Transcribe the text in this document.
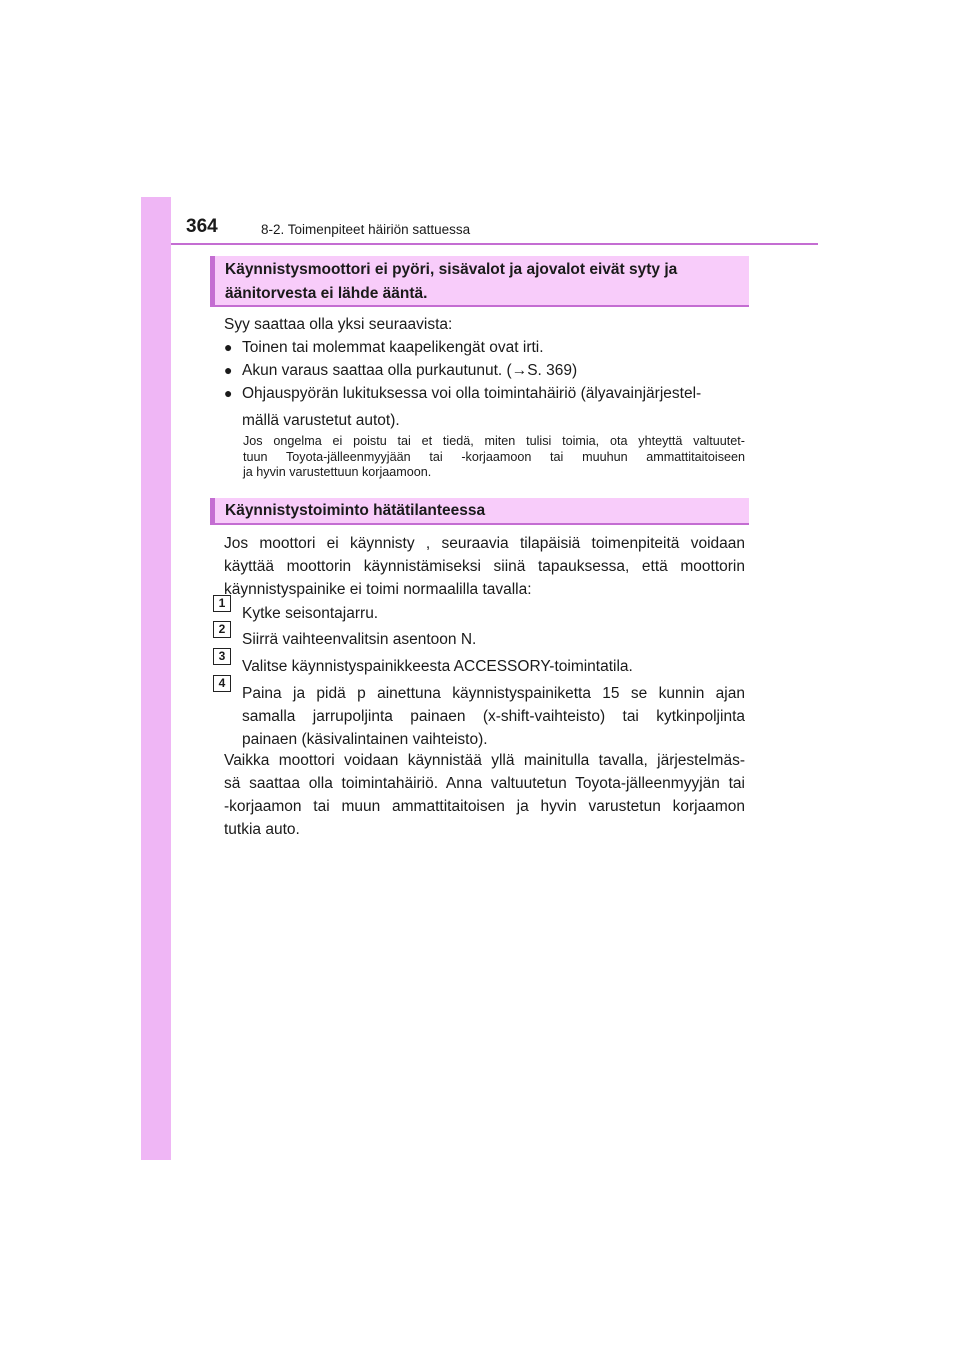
364	8-2. Toimenpiteet häiriön sattuessa
Käynnistysmoottori ei pyöri, sisävalot ja ajovalot eivät syty ja
äänitorvesta ei lähde ääntä.
Syy saattaa olla yksi seuraavista:
● Toinen tai molemmat kaapelikengät ovat irti.
● Akun varaus saattaa olla purkautunut. (→S. 369)
● Ohjauspyörän lukituksessa voi olla toimintahäiriö (älyavainjärjestel-
mällä varustetut autot).
Jos ongelma ei poistu tai et tiedä, miten tulisi toimia, ota yhteyttä valtuutet-
tuun Toyota-jälleenmyyjään tai -korjaamoon tai muuhun ammattitaitoiseen
ja hyvin varustettuun korjaamoon.
Käynnistystoiminto hätätilanteessa
Jos moottori ei käynnisty , seuraavia tilapäisiä toimenpiteitä voidaan
käyttää moottorin käynnistämiseksi siinä tapauksessa, että moottorin
käynnistyspainike ei toimi normaalilla tavalla:
1
Kytke seisontajarru.
2
Siirrä vaihteenvalitsin asentoon N.
3
Valitse käynnistyspainikkeesta ACCESSORY-toimintatila.
4
Paina ja pidä p ainettuna käynnistyspainiketta 15 se kunnin ajan
samalla jarrupoljinta painaen (x-shift-vaihteisto) tai kytkinpoljinta
painaen (käsivalintainen vaihteisto).
Vaikka moottori voidaan käynnistää yllä mainitulla tavalla, järjestelmäs-
sä saattaa olla toimintahäiriö. Anna valtuutetun Toyota-jälleenmyyjän tai
-korjaamon tai muun ammattitaitoisen ja hyvin varustetun korjaamon
tutkia auto.
